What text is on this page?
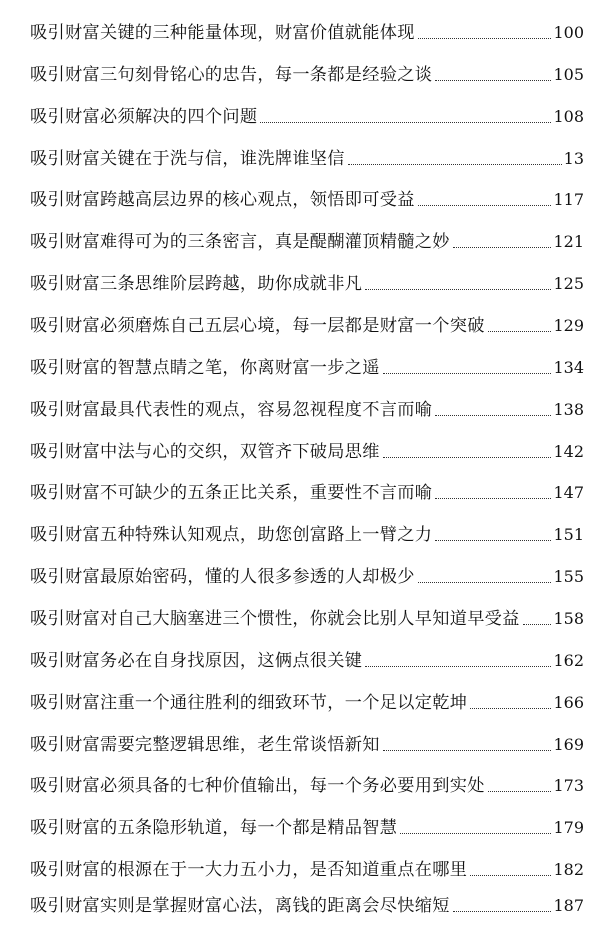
吸引财富关键的三种能量体现，财富价值就能体现	100
吸引财富三句刻骨铭心的忠告，每一条都是经验之谈	105
吸引财富必须解决的四个问题	108
吸引财富关键在于洗与信，谁洗牌谁坚信	13
吸引财富跨越高层边界的核心观点，领悟即可受益	117
吸引财富难得可为的三条密言，真是醍醐灌顶精髓之妙	121
吸引财富三条思维阶层跨越，助你成就非凡	125
吸引财富必须磨炼自己五层心境，每一层都是财富一个突破	129
吸引财富的智慧点睛之笔，你离财富一步之遥	134
吸引财富最具代表性的观点，容易忽视程度不言而喻	138
吸引财富中法与心的交织，双管齐下破局思维	142
吸引财富不可缺少的五条正比关系，重要性不言而喻	147
吸引财富五种特殊认知观点，助您创富路上一臂之力	151
吸引财富最原始密码，懂的人很多参透的人却极少	155
吸引财富对自己大脑塞进三个惯性，你就会比别人早知道早受益 158
吸引财富务必在自身找原因，这俩点很关键	162
吸引财富注重一个通往胜利的细致环节，一个足以定乾坤	166
吸引财富需要完整逻辑思维，老生常谈悟新知	169
吸引财富必须具备的七种价值输出，每一个务必要用到实处	173
吸引财富的五条隐形轨道，每一个都是精品智慧	179
吸引财富的根源在于一大力五小力，是否知道重点在哪里	182
吸引财富实则是掌握财富心法，离钱的距离会尽快缩短	187
